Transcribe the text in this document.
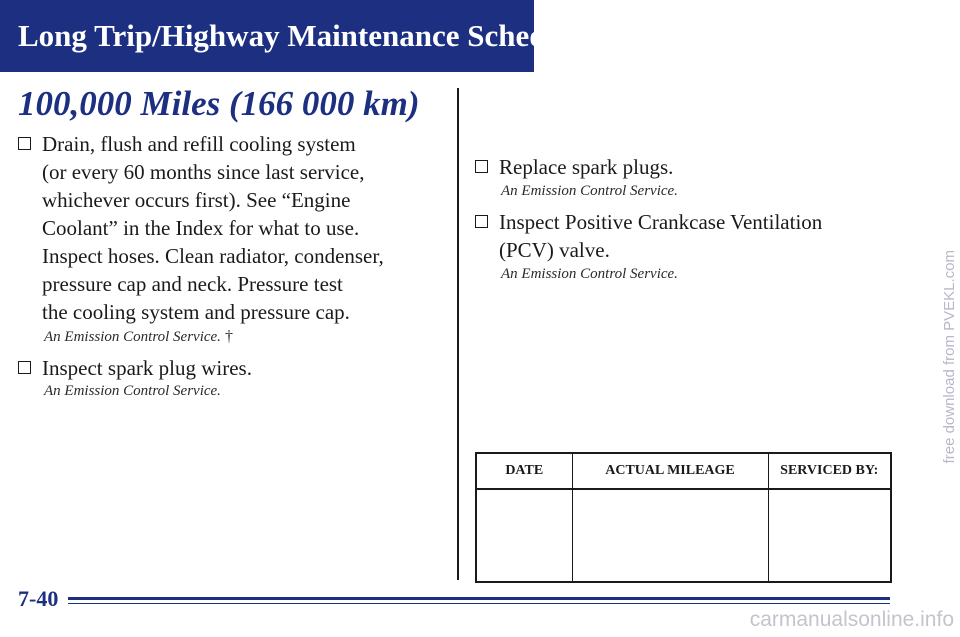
Long Trip/Highway Maintenance Schedule
100,000 Miles (166 000 km)
Drain, flush and refill cooling system
(or every 60 months since last service,
whichever occurs first). See “Engine
Coolant” in the Index for what to use.
Inspect hoses. Clean radiator, condenser,
pressure cap and neck. Pressure test
the cooling system and pressure cap.
An Emission Control Service. †
Inspect spark plug wires.
An Emission Control Service.
Replace spark plugs.
An Emission Control Service.
Inspect Positive Crankcase Ventilation
(PCV) valve.
An Emission Control Service.
DATE	ACTUAL MILEAGE	SERVICED BY:

7-40
free download from PVEKL.com
carmanualsonline.info
